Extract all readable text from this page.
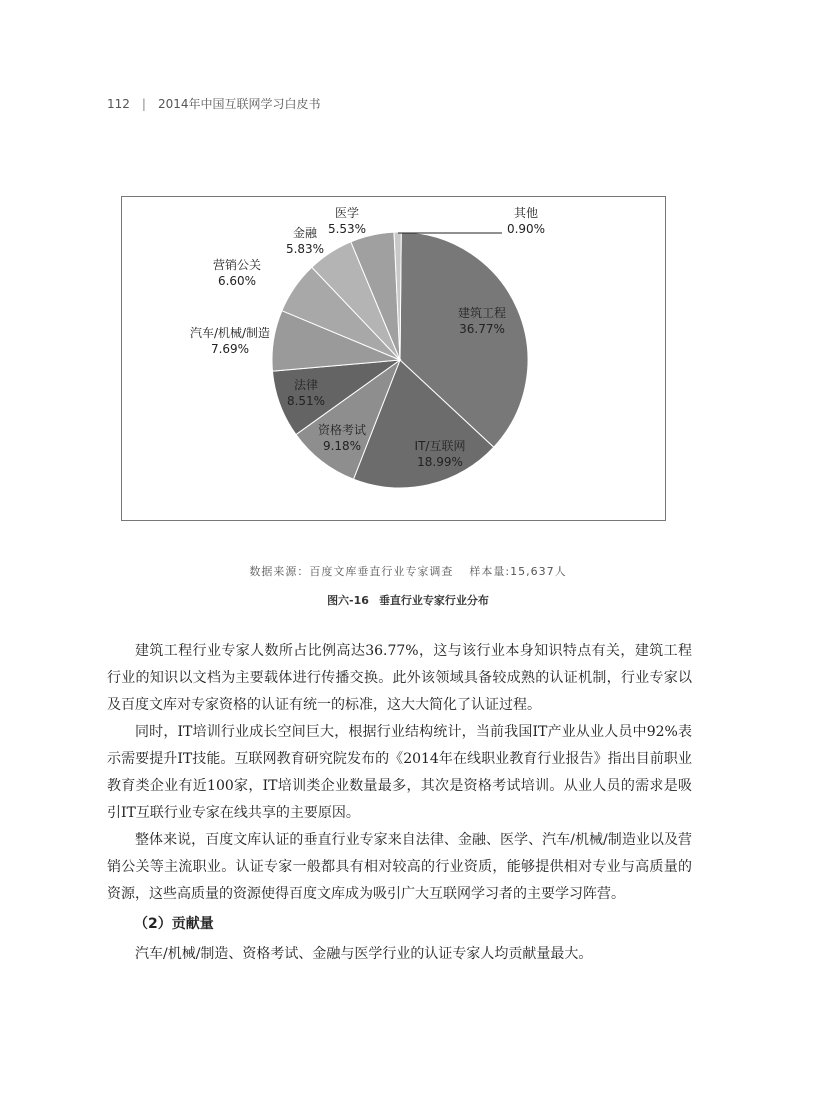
112 | 2014年中国互联网学习白皮书
建筑工程
36.77%
IT/互联网
18.99%
资格考试
9.18%
法律
8.51%
汽车/机械/制造
7.69%
营销公关
6.60%
金融
5.83%
医学
5.53%
其他
0.90%
数据来源：百度文库垂直行业专家调查 样本量:15,637人
图六-16 垂直行业专家行业分布

建筑工程行业专家人数所占比例高达36.77%，这与该行业本身知识特点有关，建筑工程行业的知识以文档为主要载体进行传播交换。此外该领域具备较成熟的认证机制，行业专家以及百度文库对专家资格的认证有统一的标准，这大大简化了认证过程。

同时，IT培训行业成长空间巨大，根据行业结构统计，当前我国IT产业从业人员中92%表示需要提升IT技能。互联网教育研究院发布的《2014年在线职业教育行业报告》指出目前职业教育类企业有近100家，IT培训类企业数量最多，其次是资格考试培训。从业人员的需求是吸引IT互联行业专家在线共享的主要原因。

整体来说，百度文库认证的垂直行业专家来自法律、金融、医学、汽车/机械/制造业以及营销公关等主流职业。认证专家一般都具有相对较高的行业资质，能够提供相对专业与高质量的资源，这些高质量的资源使得百度文库成为吸引广大互联网学习者的主要学习阵营。

（2）贡献量

汽车/机械/制造、资格考试、金融与医学行业的认证专家人均贡献量最大。
